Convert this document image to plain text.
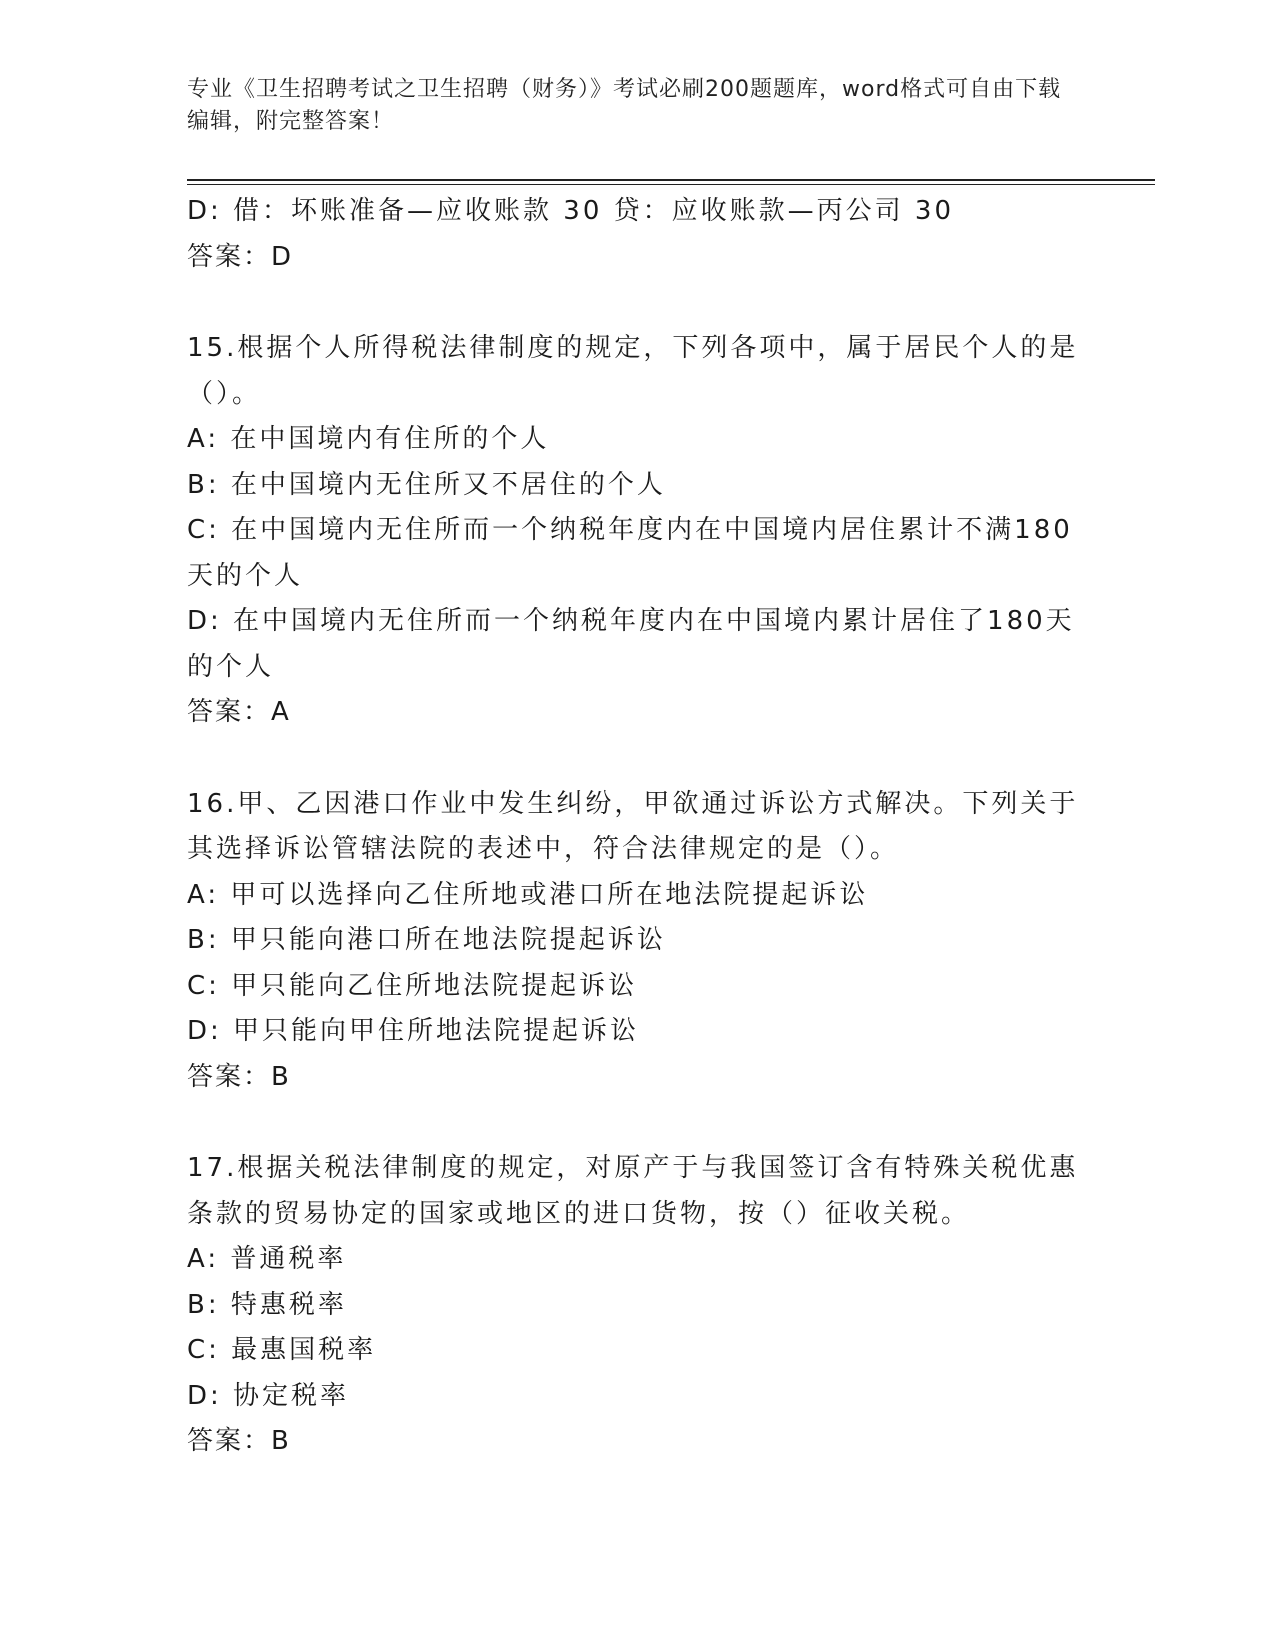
专业《卫生招聘考试之卫生招聘（财务）》考试必刷200题题库，word格式可自由下载编辑，附完整答案！

D: 借：坏账准备—应收账款 30 贷：应收账款—丙公司 30

答案：D

15.根据个人所得税法律制度的规定，下列各项中，属于居民个人的是（）。

A: 在中国境内有住所的个人

B: 在中国境内无住所又不居住的个人

C: 在中国境内无住所而一个纳税年度内在中国境内居住累计不满180天的个人

D: 在中国境内无住所而一个纳税年度内在中国境内累计居住了180天的个人

答案：A

16.甲、乙因港口作业中发生纠纷，甲欲通过诉讼方式解决。下列关于其选择诉讼管辖法院的表述中，符合法律规定的是（）。

A: 甲可以选择向乙住所地或港口所在地法院提起诉讼

B: 甲只能向港口所在地法院提起诉讼

C: 甲只能向乙住所地法院提起诉讼

D: 甲只能向甲住所地法院提起诉讼

答案：B

17.根据关税法律制度的规定，对原产于与我国签订含有特殊关税优惠条款的贸易协定的国家或地区的进口货物，按（）征收关税。

A: 普通税率

B: 特惠税率

C: 最惠国税率

D: 协定税率

答案：B
